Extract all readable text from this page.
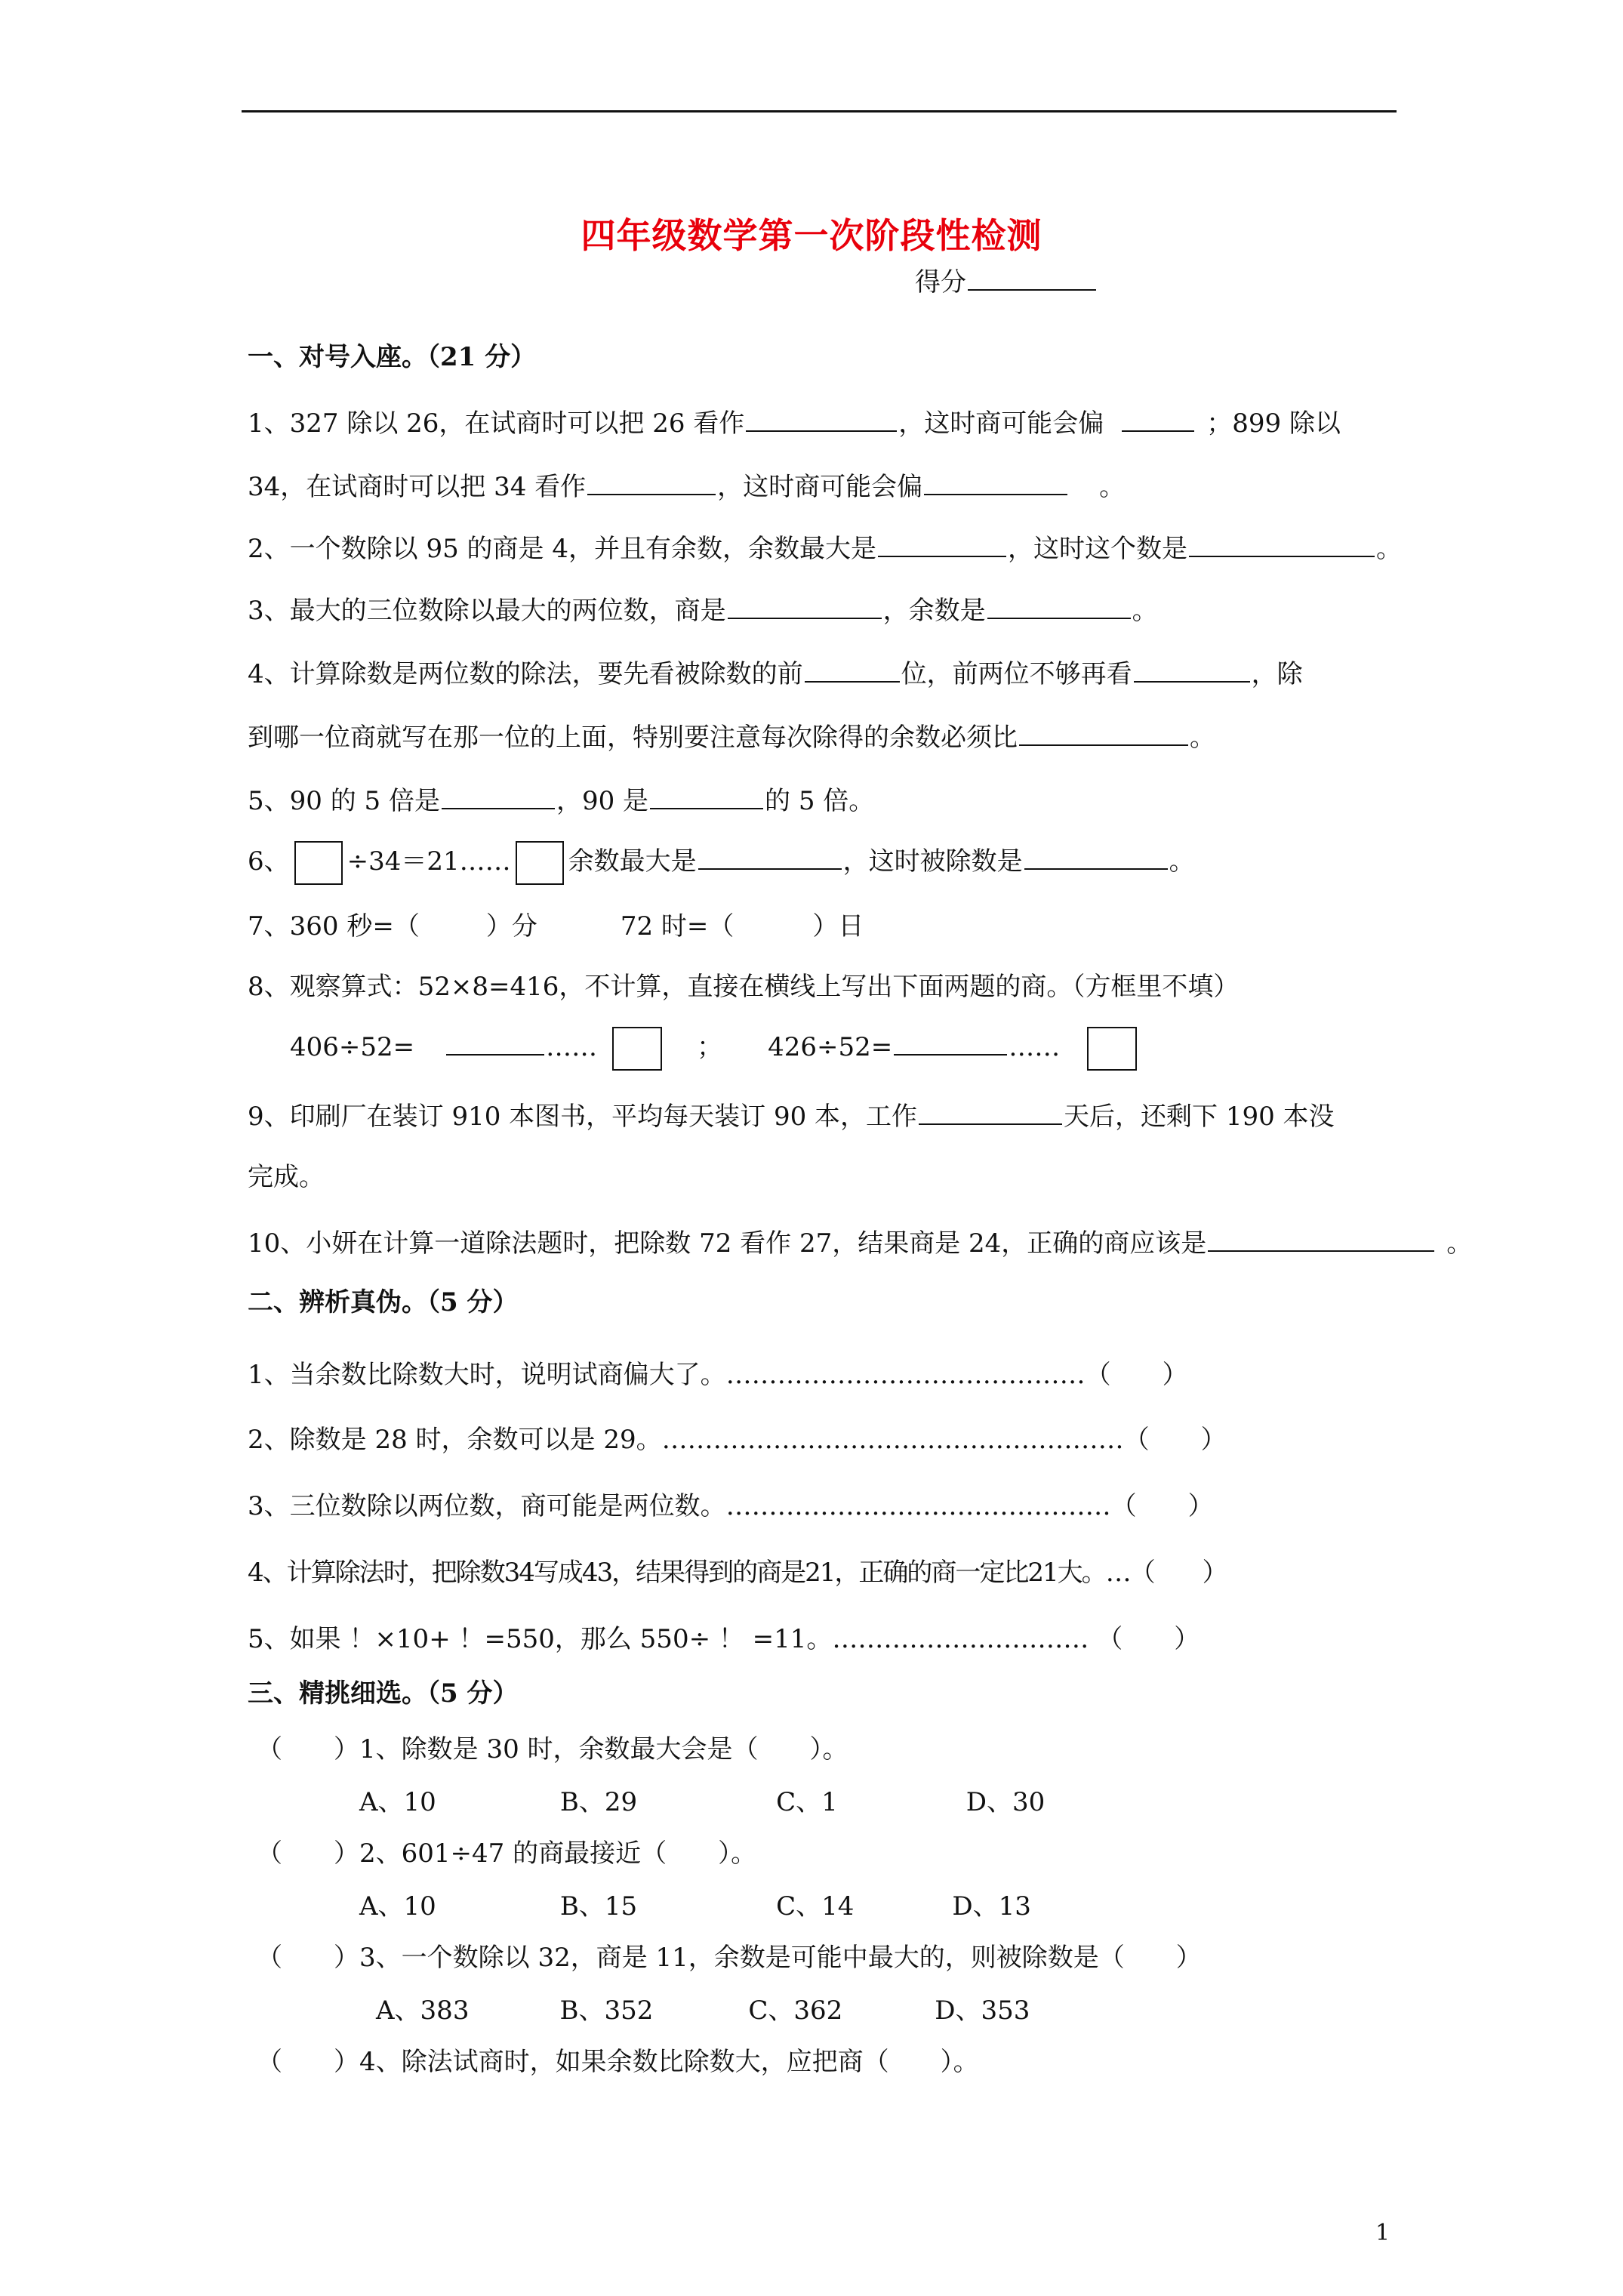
四年级数学第一次阶段性检测
得分
一、对号入座。（21 分）
1、327 除以 26，在试商时可以把 26 看作	，这时商可能会偏	；899 除以
34，在试商时可以把 34 看作	，这时商可能会偏	。
2、一个数除以 95 的商是 4，并且有余数，余数最大是	，这时这个数是	。
3、最大的三位数除以最大的两位数，商是	，余数是	。
4、计算除数是两位数的除法，要先看被除数的前	位，前两位不够再看	，除
到哪一位商就写在那一位的上面，特别要注意每次除得的余数必须比	。
5、90 的 5 倍是	，90 是	的 5 倍。
6、 ÷34＝21…… 余数最大是	，这时被除数是	。
7、360 秒=（	）分	72 时=（	）日
8、观察算式：52×8=416，不计算，直接在横线上写出下面两题的商。（方框里不填）
406÷52=	……	； 426÷52=	……
9、印刷厂在装订 910 本图书，平均每天装订 90 本，工作	天后，还剩下 190 本没
完成。
10、小妍在计算一道除法题时，把除数 72 看作 27，结果商是 24，正确的商应该是	。
二、辨析真伪。（5 分）
1、当余数比除数大时，说明试商偏大了。……………………………………（　　）
2、除数是 28 时，余数可以是 29。………………………………………………（　　）
3、三位数除以两位数，商可能是两位数。………………………………………（　　）
4、计算除法时，把除数34写成43，结果得到的商是21，正确的商一定比21大。…（　　）
5、如果 ！×10+ ！=550，那么 550÷ ！ =11。………………………… （　　）
三、精挑细选。（5 分）
（　　）1、除数是 30 时，余数最大会是（　　）。
A、10	B、29	C、1	D、30
（　　）2、601÷47 的商最接近（　　）。
A、10	B、15	C、14	D、13
（　　）3、一个数除以 32，商是 11，余数是可能中最大的，则被除数是（　　）
A、383	B、352	C、362	D、353
（　　）4、除法试商时，如果余数比除数大，应把商（　　）。
1
